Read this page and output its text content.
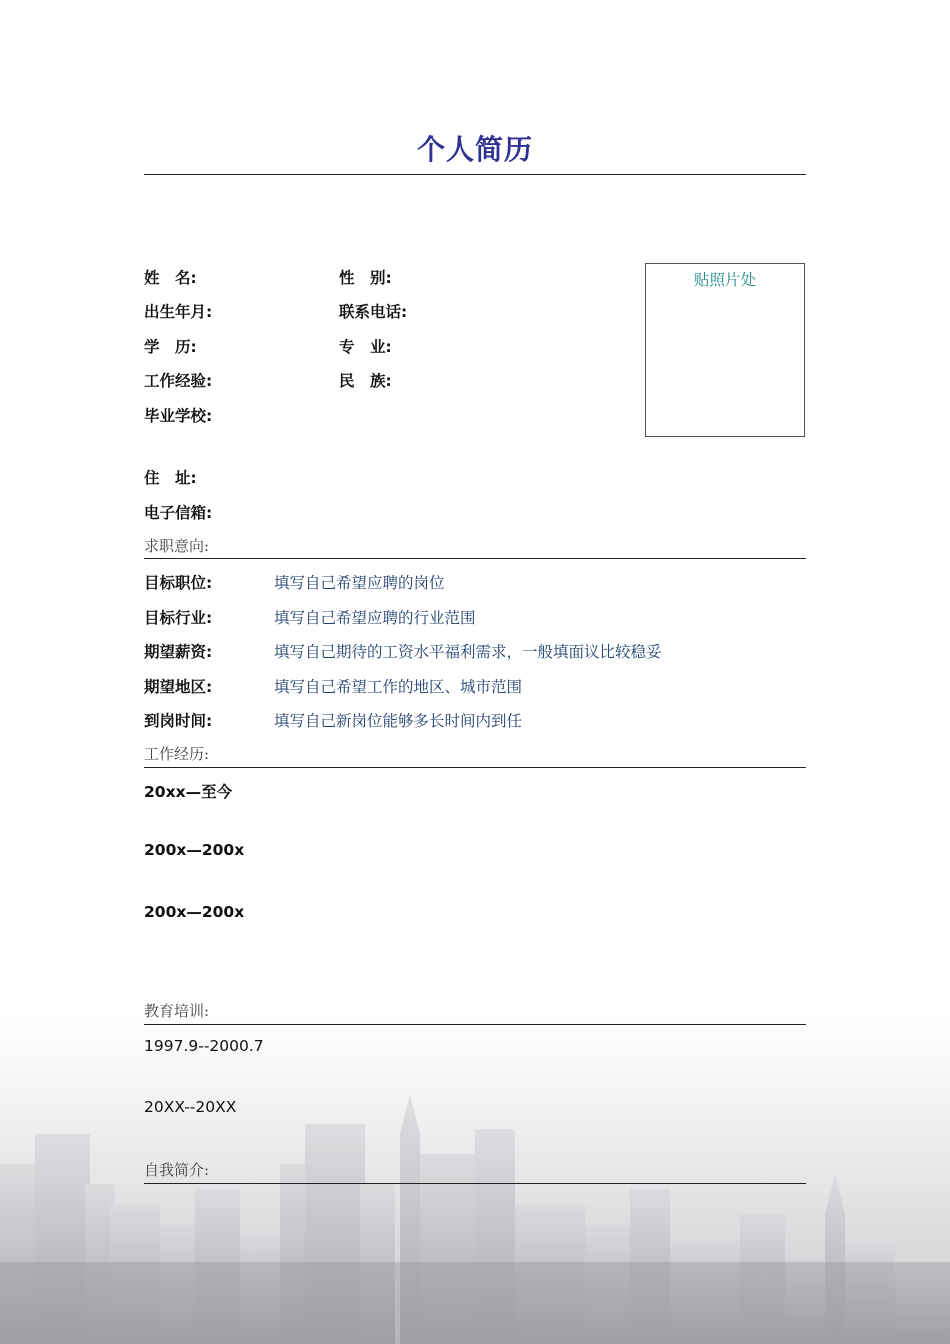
个人简历
姓　名:	性　别:
出生年月:	联系电话:
学　历:	专　业:
工作经验:	民　族:
毕业学校:
住　址:
电子信箱:
贴照片处
求职意向:
目标职位:	填写自己希望应聘的岗位
目标行业:	填写自己希望应聘的行业范围
期望薪资:	填写自己期待的工资水平福利需求，一般填面议比较稳妥
期望地区:	填写自己希望工作的地区、城市范围
到岗时间:	填写自己新岗位能够多长时间内到任
工作经历:
20xx—至今
200x—200x
200x—200x
教育培训:
1997.9--2000.7
20XX--20XX
自我简介:
